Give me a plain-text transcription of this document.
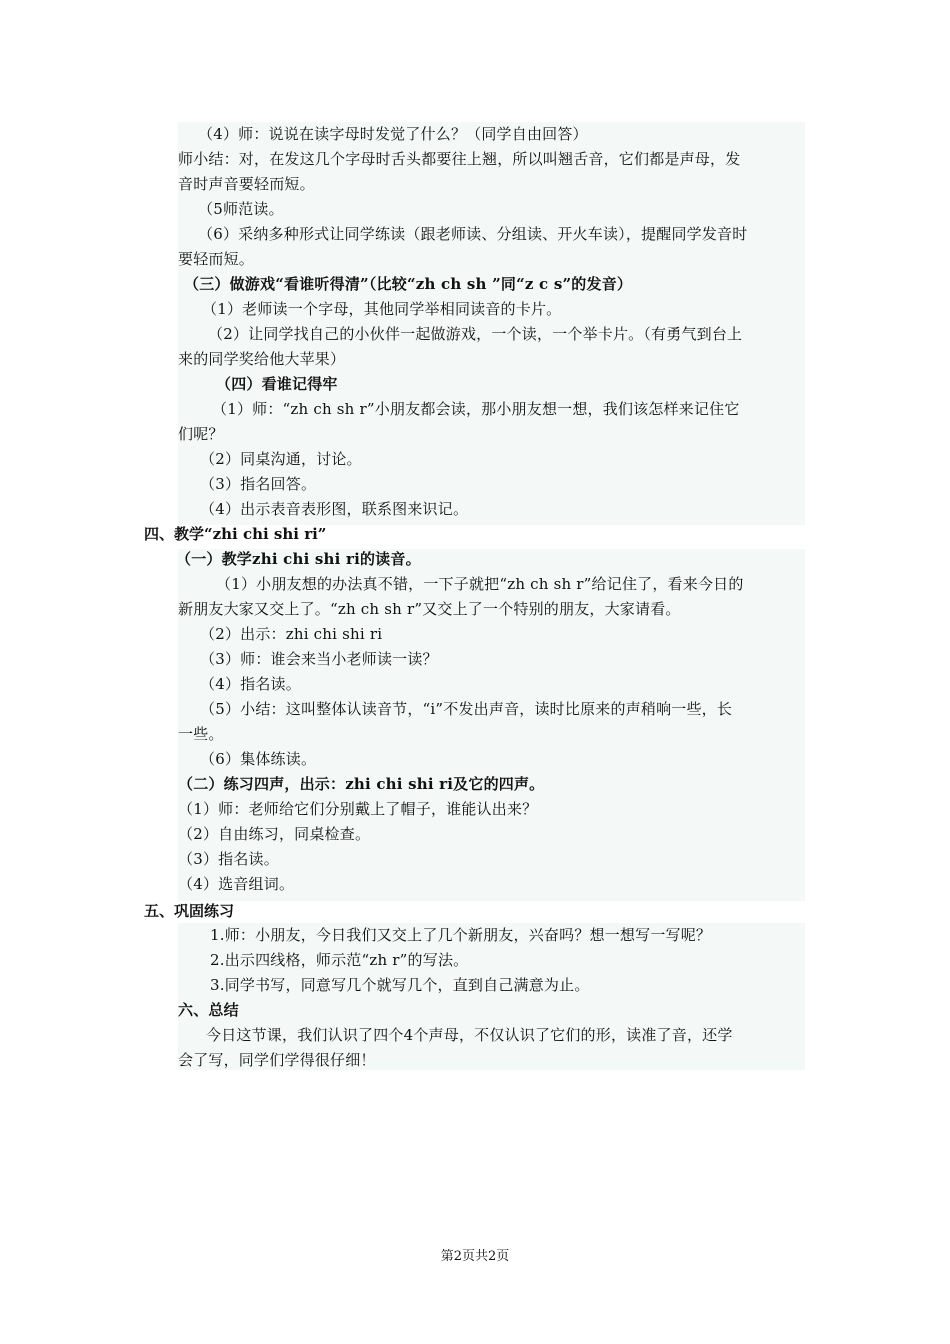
（4）师：说说在读字母时发觉了什么？（同学自由回答）
师小结：对，在发这几个字母时舌头都要往上翘，所以叫翘舌音，它们都是声母，发
音时声音要轻而短。
（5师范读。
（6）采纳多种形式让同学练读（跟老师读、分组读、开火车读），提醒同学发音时
要轻而短。
（三）做游戏“看谁听得清”（比较“zh ch sh ”同“z c s”的发音）
（1）老师读一个字母，其他同学举相同读音的卡片。
（2）让同学找自己的小伙伴一起做游戏，一个读，一个举卡片。（有勇气到台上
来的同学奖给他大苹果）
（四）看谁记得牢
（1）师：“zh ch sh r”小朋友都会读，那小朋友想一想，我们该怎样来记住它
们呢？
（2）同桌沟通，讨论。
（3）指名回答。
（4）出示表音表形图，联系图来识记。
四、教学“zhi chi shi ri”
（一）教学zhi chi shi ri的读音。
（1）小朋友想的办法真不错，一下子就把“zh ch sh r”给记住了，看来今日的
新朋友大家又交上了。“zh ch sh r”又交上了一个特别的朋友，大家请看。
（2）出示：zhi chi shi ri
（3）师：谁会来当小老师读一读？
（4）指名读。
（5）小结：这叫整体认读音节，“i”不发出声音，读时比原来的声稍响一些，长
一些。
（6）集体练读。
（二）练习四声，出示：zhi chi shi ri及它的四声。
（1）师：老师给它们分别戴上了帽子，谁能认出来？
（2）自由练习，同桌检查。
（3）指名读。
（4）选音组词。
五、巩固练习
1.师：小朋友，今日我们又交上了几个新朋友，兴奋吗？想一想写一写呢？
2.出示四线格，师示范“zh r”的写法。
3.同学书写，同意写几个就写几个，直到自己满意为止。
六、总结
今日这节课，我们认识了四个4个声母，不仅认识了它们的形，读准了音，还学
会了写，同学们学得很仔细！
第2页共2页
